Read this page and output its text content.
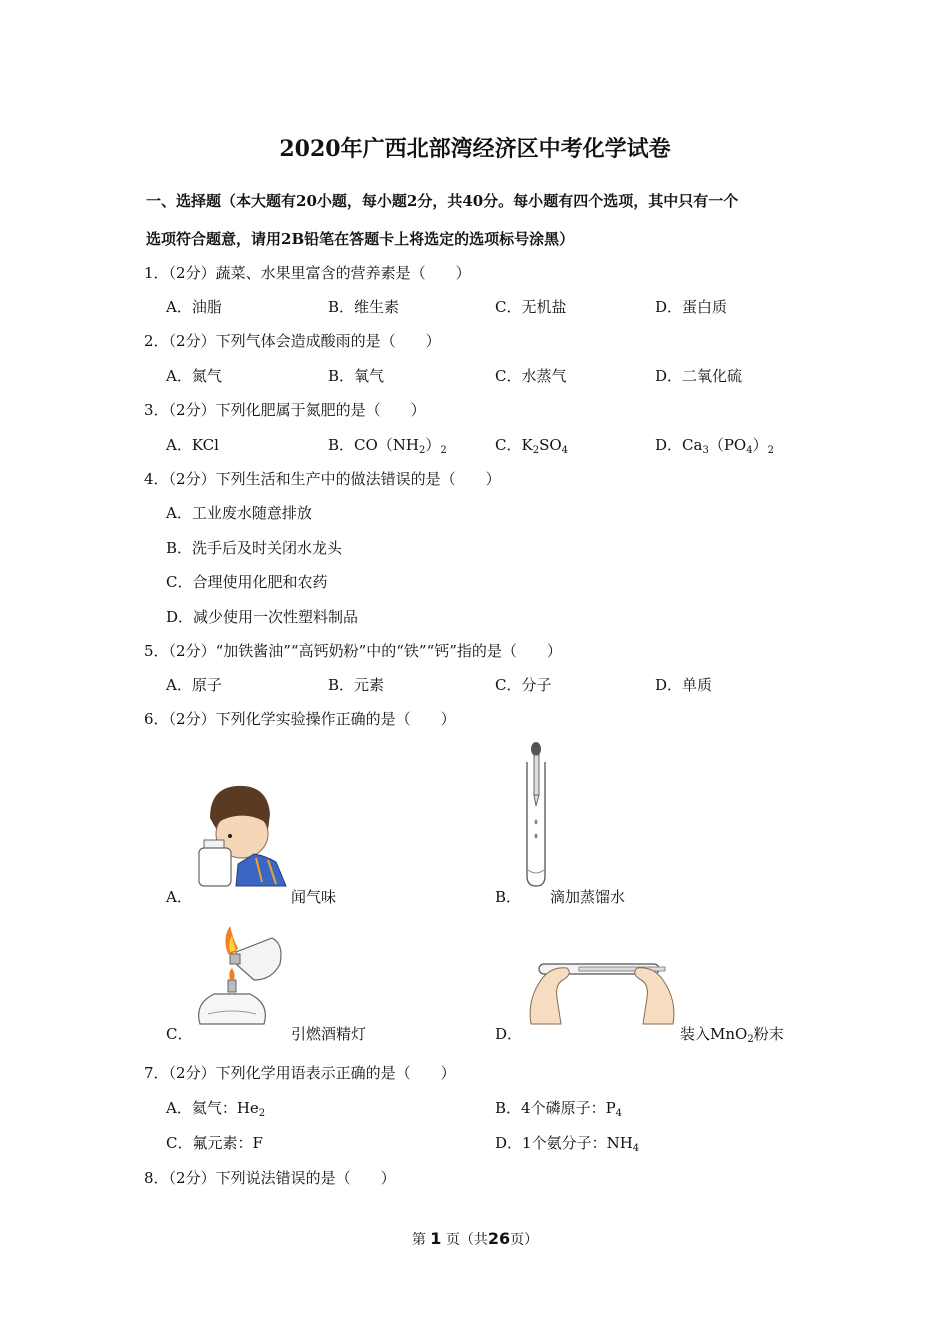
2020年广西北部湾经济区中考化学试卷
一、选择题（本大题有20小题，每小题2分，共40分。每小题有四个选项，其中只有一个
选项符合题意，请用2B铅笔在答题卡上将选定的选项标号涂黑）
1．（2分）蔬菜、水果里富含的营养素是（　　）
A．油脂	B．维生素	C．无机盐	D．蛋白质
2．（2分）下列气体会造成酸雨的是（　　）
A．氮气	B．氧气	C．水蒸气	D．二氧化硫
3．（2分）下列化肥属于氮肥的是（　　）
A．KCl	B．$CO(NH_2)_2$	C．$K_2SO_4$	D．$Ca_3(PO_4)_2$
4．（2分）下列生活和生产中的做法错误的是（　　）
A．工业废水随意排放
B．洗手后及时关闭水龙头
C．合理使用化肥和农药
D．减少使用一次性塑料制品
5．（2分）“加铁酱油”“高钙奶粉”中的“铁”“钙”指的是（　　）
A．原子	B．元素	C．分子	D．单质
6．（2分）下列化学实验操作正确的是（　　）
A．	闻气味	B． 滴加蒸馏水
C．	引燃酒精灯	D．	装入MnO$_2$粉末
7．（2分）下列化学用语表示正确的是（　　）
A．氦气：$He_2$	B．4个磷原子：$P_4$
C．氟元素：F	D．1个氨分子：$NH_4$
8．（2分）下列说法错误的是（　　）
第 1 页（共26页）
